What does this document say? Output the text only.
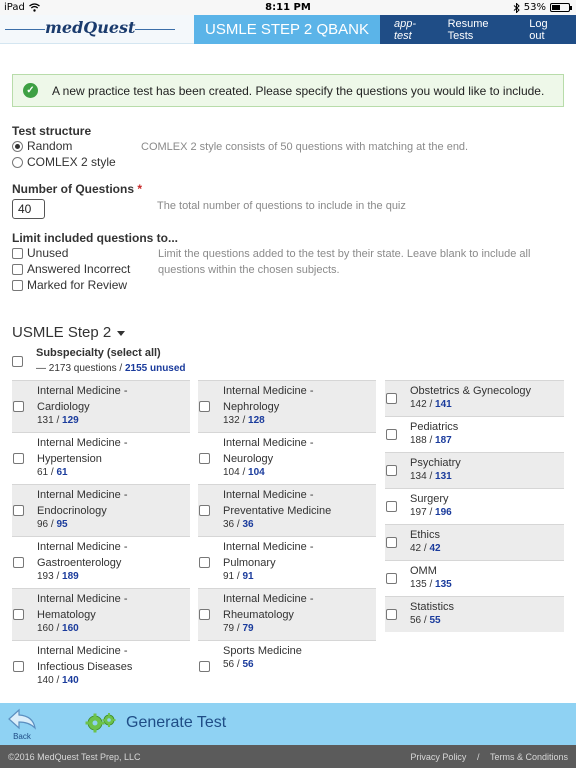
iPad	8:11 PM	53%
medQuest	USMLE STEP 2 QBANK	app-test
Resume Tests
Log out
✓ A new practice test has been created. Please specify the questions you would like to include.
Test structure
Random
COMLEX 2 style
COMLEX 2 style consists of 50 questions with matching at the end.
Number of Questions *
40	The total number of questions to include in the quiz
Limit included questions to...
Unused
Answered Incorrect
Marked for Review
Limit the questions added to the test by their state. Leave blank to include all
questions within the chosen subjects.
USMLE Step 2
Subspecialty (select all)
— 2173 questions / 2155 unused
Internal Medicine -
Cardiology
131 / 129
Internal Medicine -
Hypertension
61 / 61
Internal Medicine -
Endocrinology
96 / 95
Internal Medicine -
Gastroenterology
193 / 189
Internal Medicine -
Hematology
160 / 160
Internal Medicine -
Infectious Diseases
140 / 140
Internal Medicine -
Nephrology
132 / 128
Internal Medicine -
Neurology
104 / 104
Internal Medicine -
Preventative Medicine
36 / 36
Internal Medicine -
Pulmonary
91 / 91
Internal Medicine -
Rheumatology
79 / 79
Sports Medicine
56 / 56
Obstetrics & Gynecology
142 / 141
Pediatrics
188 / 187
Psychiatry
134 / 131
Surgery
197 / 196
Ethics
42 / 42
OMM
135 / 135
Statistics
56 / 55
Back
Generate Test
©2016 MedQuest Test Prep, LLC	Privacy Policy / Terms & Conditions
